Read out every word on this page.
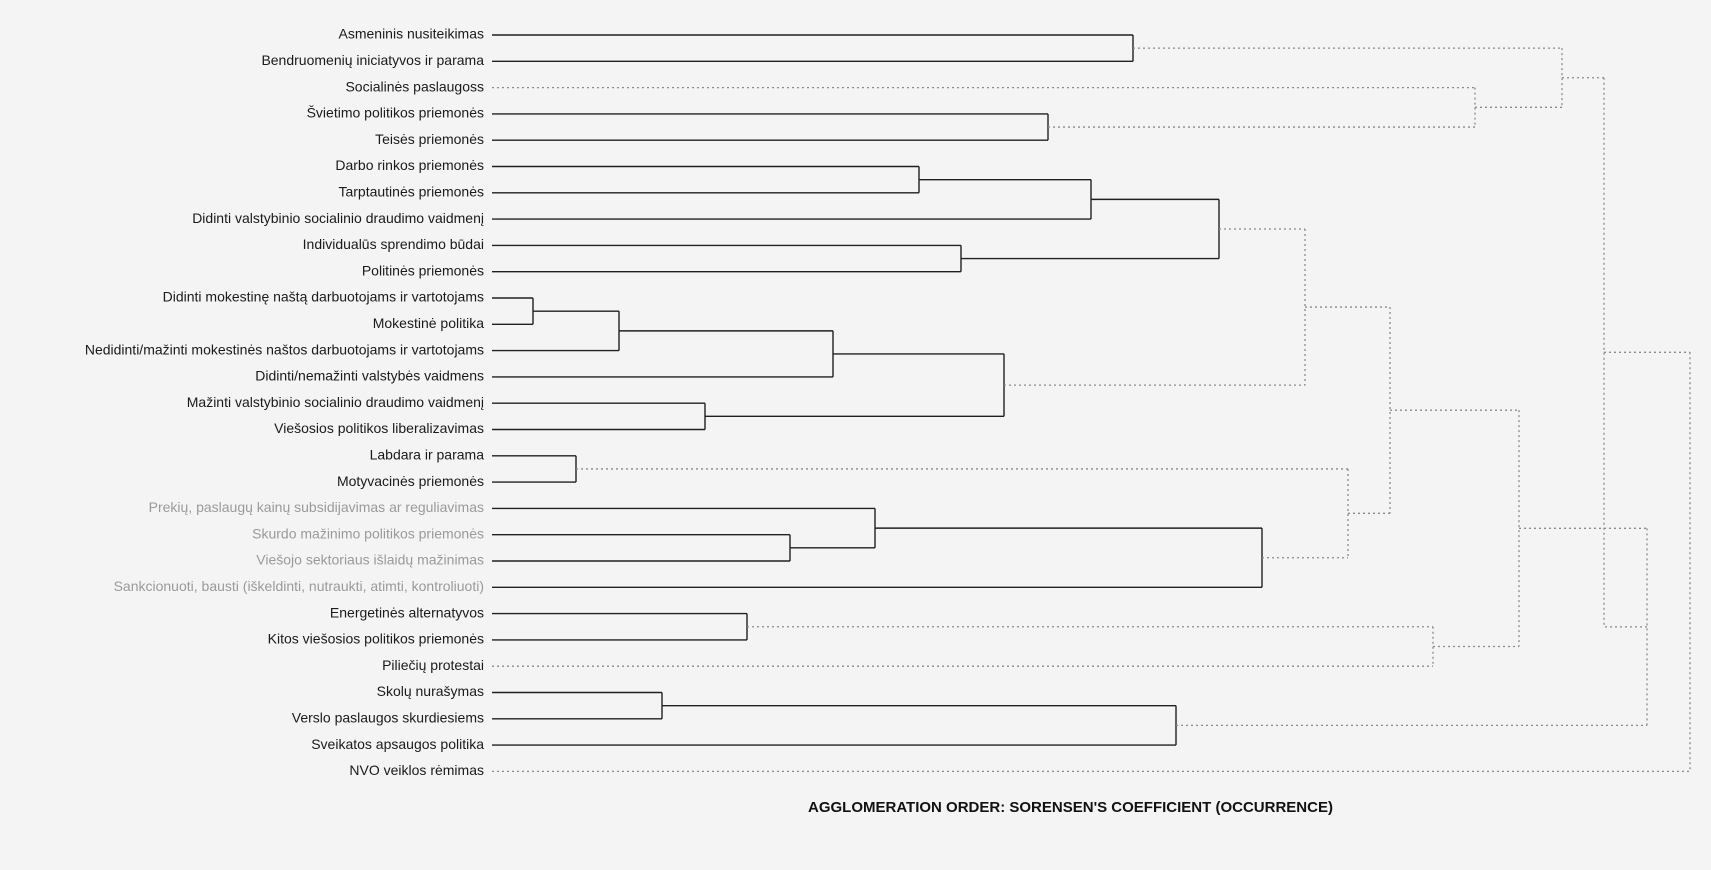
Asmeninis nusiteikimas
Bendruomenių iniciatyvos ir parama
Socialinės paslaugoss
Švietimo politikos priemonės
Teisės priemonės
Darbo rinkos priemonės
Tarptautinės priemonės
Didinti valstybinio socialinio draudimo vaidmenį
Individualūs sprendimo būdai
Politinės priemonės
Didinti mokestinę naštą darbuotojams ir vartotojams
Mokestinė politika
Nedidinti/mažinti mokestinės naštos darbuotojams ir vartotojams
Didinti/nemažinti valstybės vaidmens
Mažinti valstybinio socialinio draudimo vaidmenį
Viešosios politikos liberalizavimas
Labdara ir parama
Motyvacinės priemonės
Prekių, paslaugų kainų subsidijavimas ar reguliavimas
Skurdo mažinimo politikos priemonės
Viešojo sektoriaus išlaidų mažinimas
Sankcionuoti, bausti (iškeldinti, nutraukti, atimti, kontroliuoti)
Energetinės alternatyvos
Kitos viešosios politikos priemonės
Piliečių protestai
Skolų nurašymas
Verslo paslaugos skurdiesiems
Sveikatos apsaugos politika
NVO veiklos rėmimas
AGGLOMERATION ORDER: SORENSEN'S COEFFICIENT (OCCURRENCE)
